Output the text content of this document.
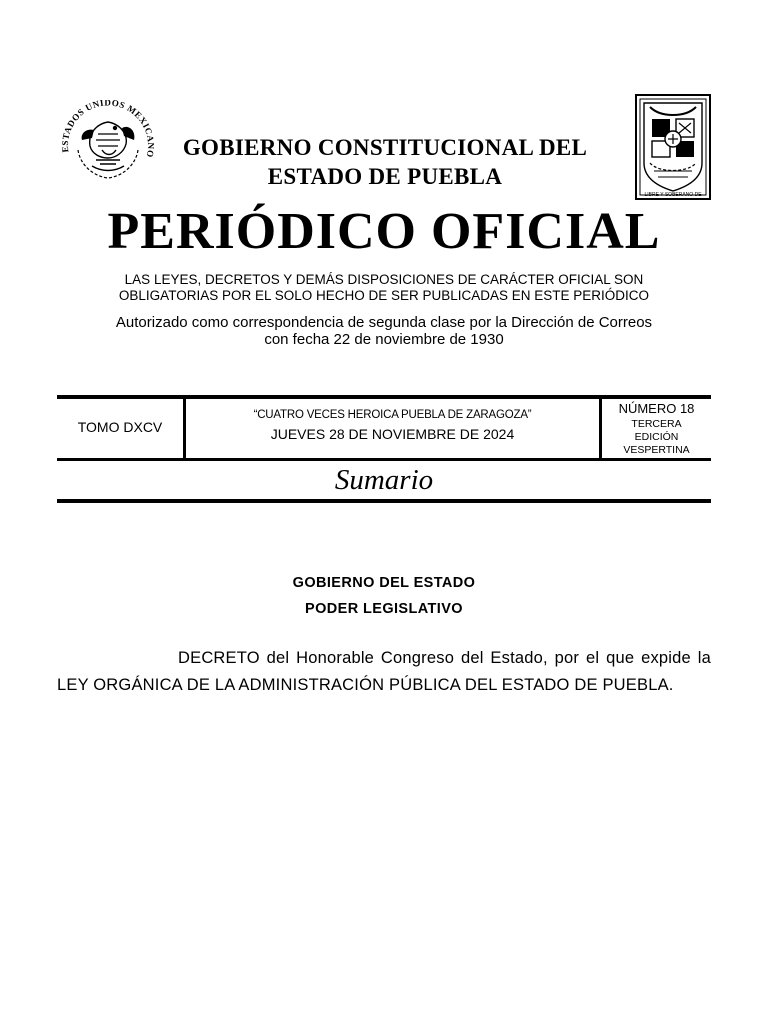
ESTADOS UNIDOS MEXICANO	GOBIERNO CONSTITUCIONAL DEL
ESTADO DE PUEBLA
LIBRE Y SOBERANO DE
PERIÓDICO OFICIAL
LAS LEYES, DECRETOS Y DEMÁS DISPOSICIONES DE CARÁCTER OFICIAL SON
OBLIGATORIAS POR EL SOLO HECHO DE SER PUBLICADAS EN ESTE PERIÓDICO
Autorizado como correspondencia de segunda clase por la Dirección de Correos
con fecha 22 de noviembre de 1930
TOMO DXCV
“CUATRO VECES HEROICA PUEBLA DE ZARAGOZA”
JUEVES 28 DE NOVIEMBRE DE 2024
NÚMERO 18
TERCERA
EDICIÓN
VESPERTINA
Sumario
GOBIERNO DEL ESTADO
PODER LEGISLATIVO
DECRETO del Honorable Congreso del Estado, por el que expide la LEY ORGÁNICA DE LA ADMINISTRACIÓN PÚBLICA DEL ESTADO DE PUEBLA.
